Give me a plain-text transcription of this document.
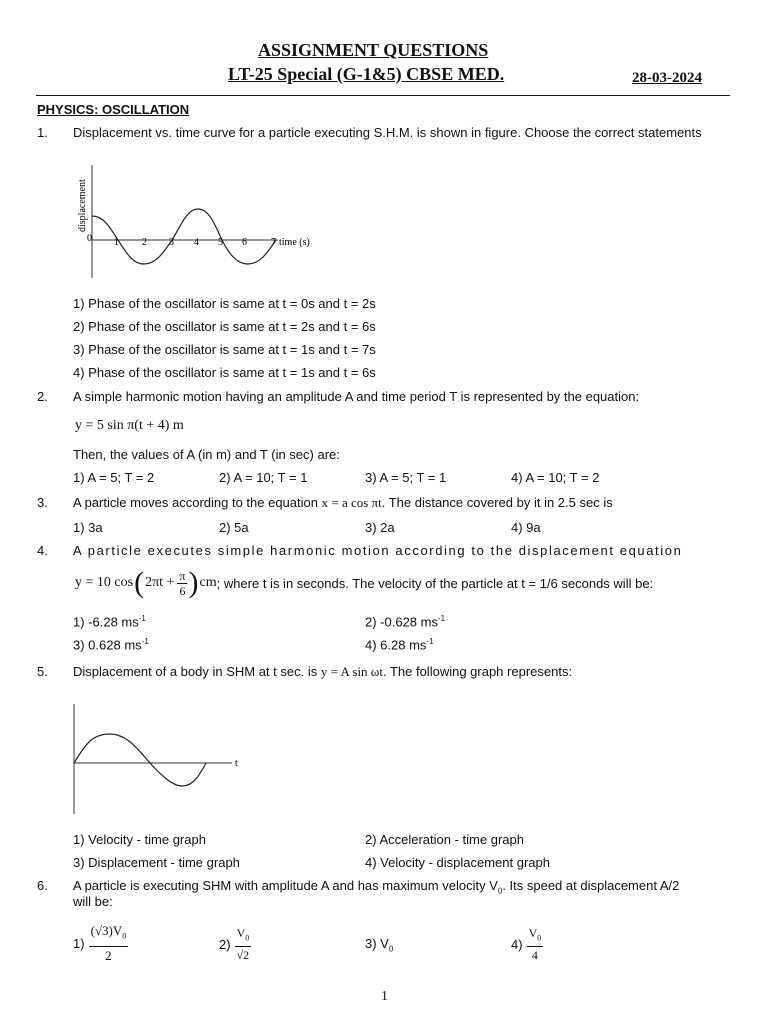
ASSIGNMENT QUESTIONS
LT-25 Special (G-1&5) CBSE MED.	28-03-2024
PHYSICS: OSCILLATION
1. Displacement vs. time curve for a particle executing S.H.M. is shown in figure. Choose the correct statements
displacement
0 1 2 3 4 5 6 7 time (s)
1) Phase of the oscillator is same at t = 0s and t = 2s
2) Phase of the oscillator is same at t = 2s and t = 6s
3) Phase of the oscillator is same at t = 1s and t = 7s
4) Phase of the oscillator is same at t = 1s and t = 6s
2. A simple harmonic motion having an amplitude A and time period T is represented by the equation:
y = 5 sin π(t + 4) m
Then, the values of A (in m) and T (in sec) are:
1) A = 5; T = 2	2) A = 10; T = 1	3) A = 5; T = 1	4) A = 10; T = 2
3. A particle moves according to the equation x = a cos πt. The distance covered by it in 2.5 sec is
1) 3a	2) 5a	3) 2a	4) 9a
4. A particle executes simple harmonic motion according to the displacement equation
y = 10 cos ( $2\pi t + \frac{\pi}{6}$ ) cm ; where t is in seconds. The velocity of the particle at t = 1/6 seconds will be:
1) -6.28 $ms^{-1}$	2) -0.628 $ms^{-1}$
3) 0.628 $ms^{-1}$	4) 6.28 $ms^{-1}$
5. Displacement of a body in SHM at t sec. is y = A sin ωt. The following graph represents:
t
1) Velocity - time graph	2) Acceleration - time graph
3) Displacement - time graph	4) Velocity - displacement graph
6. A particle is executing SHM with amplitude A and has maximum velocity $V_0$. Its speed at displacement A/2
will be:
$1) \frac{(√3)V_0}{2}$	$2) \frac{V_0}{√2}$	3) $V_0$	$4) \frac{V_0}{4}$
1
